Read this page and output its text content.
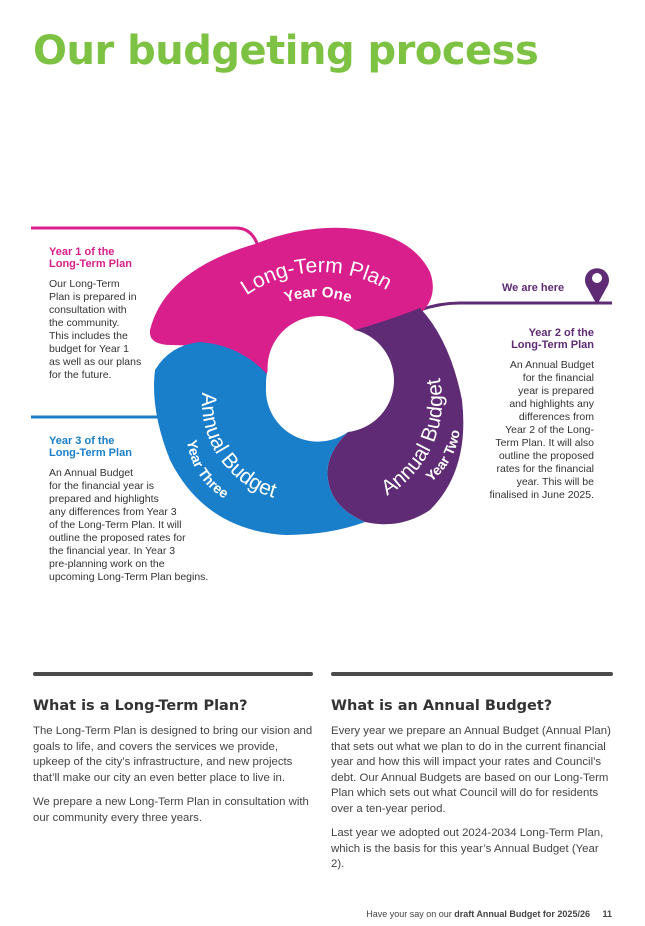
Our budgeting process
Long-Term Plan
Year One
Annual Budget
Year Three	Annual Budget
Year Two
We are here
Year 1 of the
Long-Term Plan
Our Long-Term
Plan is prepared in
consultation with
the community.
This includes the
budget for Year 1
as well as our plans
for the future.
Year 2 of the
Long-Term Plan
An Annual Budget
for the financial
year is prepared
and highlights any
differences from
Year 2 of the Long-
Term Plan. It will also
outline the proposed
rates for the financial
year. This will be
finalised in June 2025.
Year 3 of the
Long-Term Plan
An Annual Budget
for the financial year is
prepared and highlights
any differences from Year 3
of the Long-Term Plan. It will
outline the proposed rates for
the financial year. In Year 3
pre-planning work on the
upcoming Long-Term Plan begins.
What is a Long-Term Plan?

The Long-Term Plan is designed to bring our vision and goals to life, and covers the services we provide, upkeep of the city’s infrastructure, and new projects that’ll make our city an even better place to live in.

We prepare a new Long-Term Plan in consultation with our community every three years.

What is an Annual Budget?

Every year we prepare an Annual Budget (Annual Plan) that sets out what we plan to do in the current financial year and how this will impact your rates and Council’s debt. Our Annual Budgets are based on our Long-Term Plan which sets out what Council will do for residents over a ten-year period.

Last year we adopted out 2024-2034 Long-Term Plan, which is the basis for this year’s Annual Budget (Year 2).

Have your say on our draft Annual Budget for 2025/26 11
